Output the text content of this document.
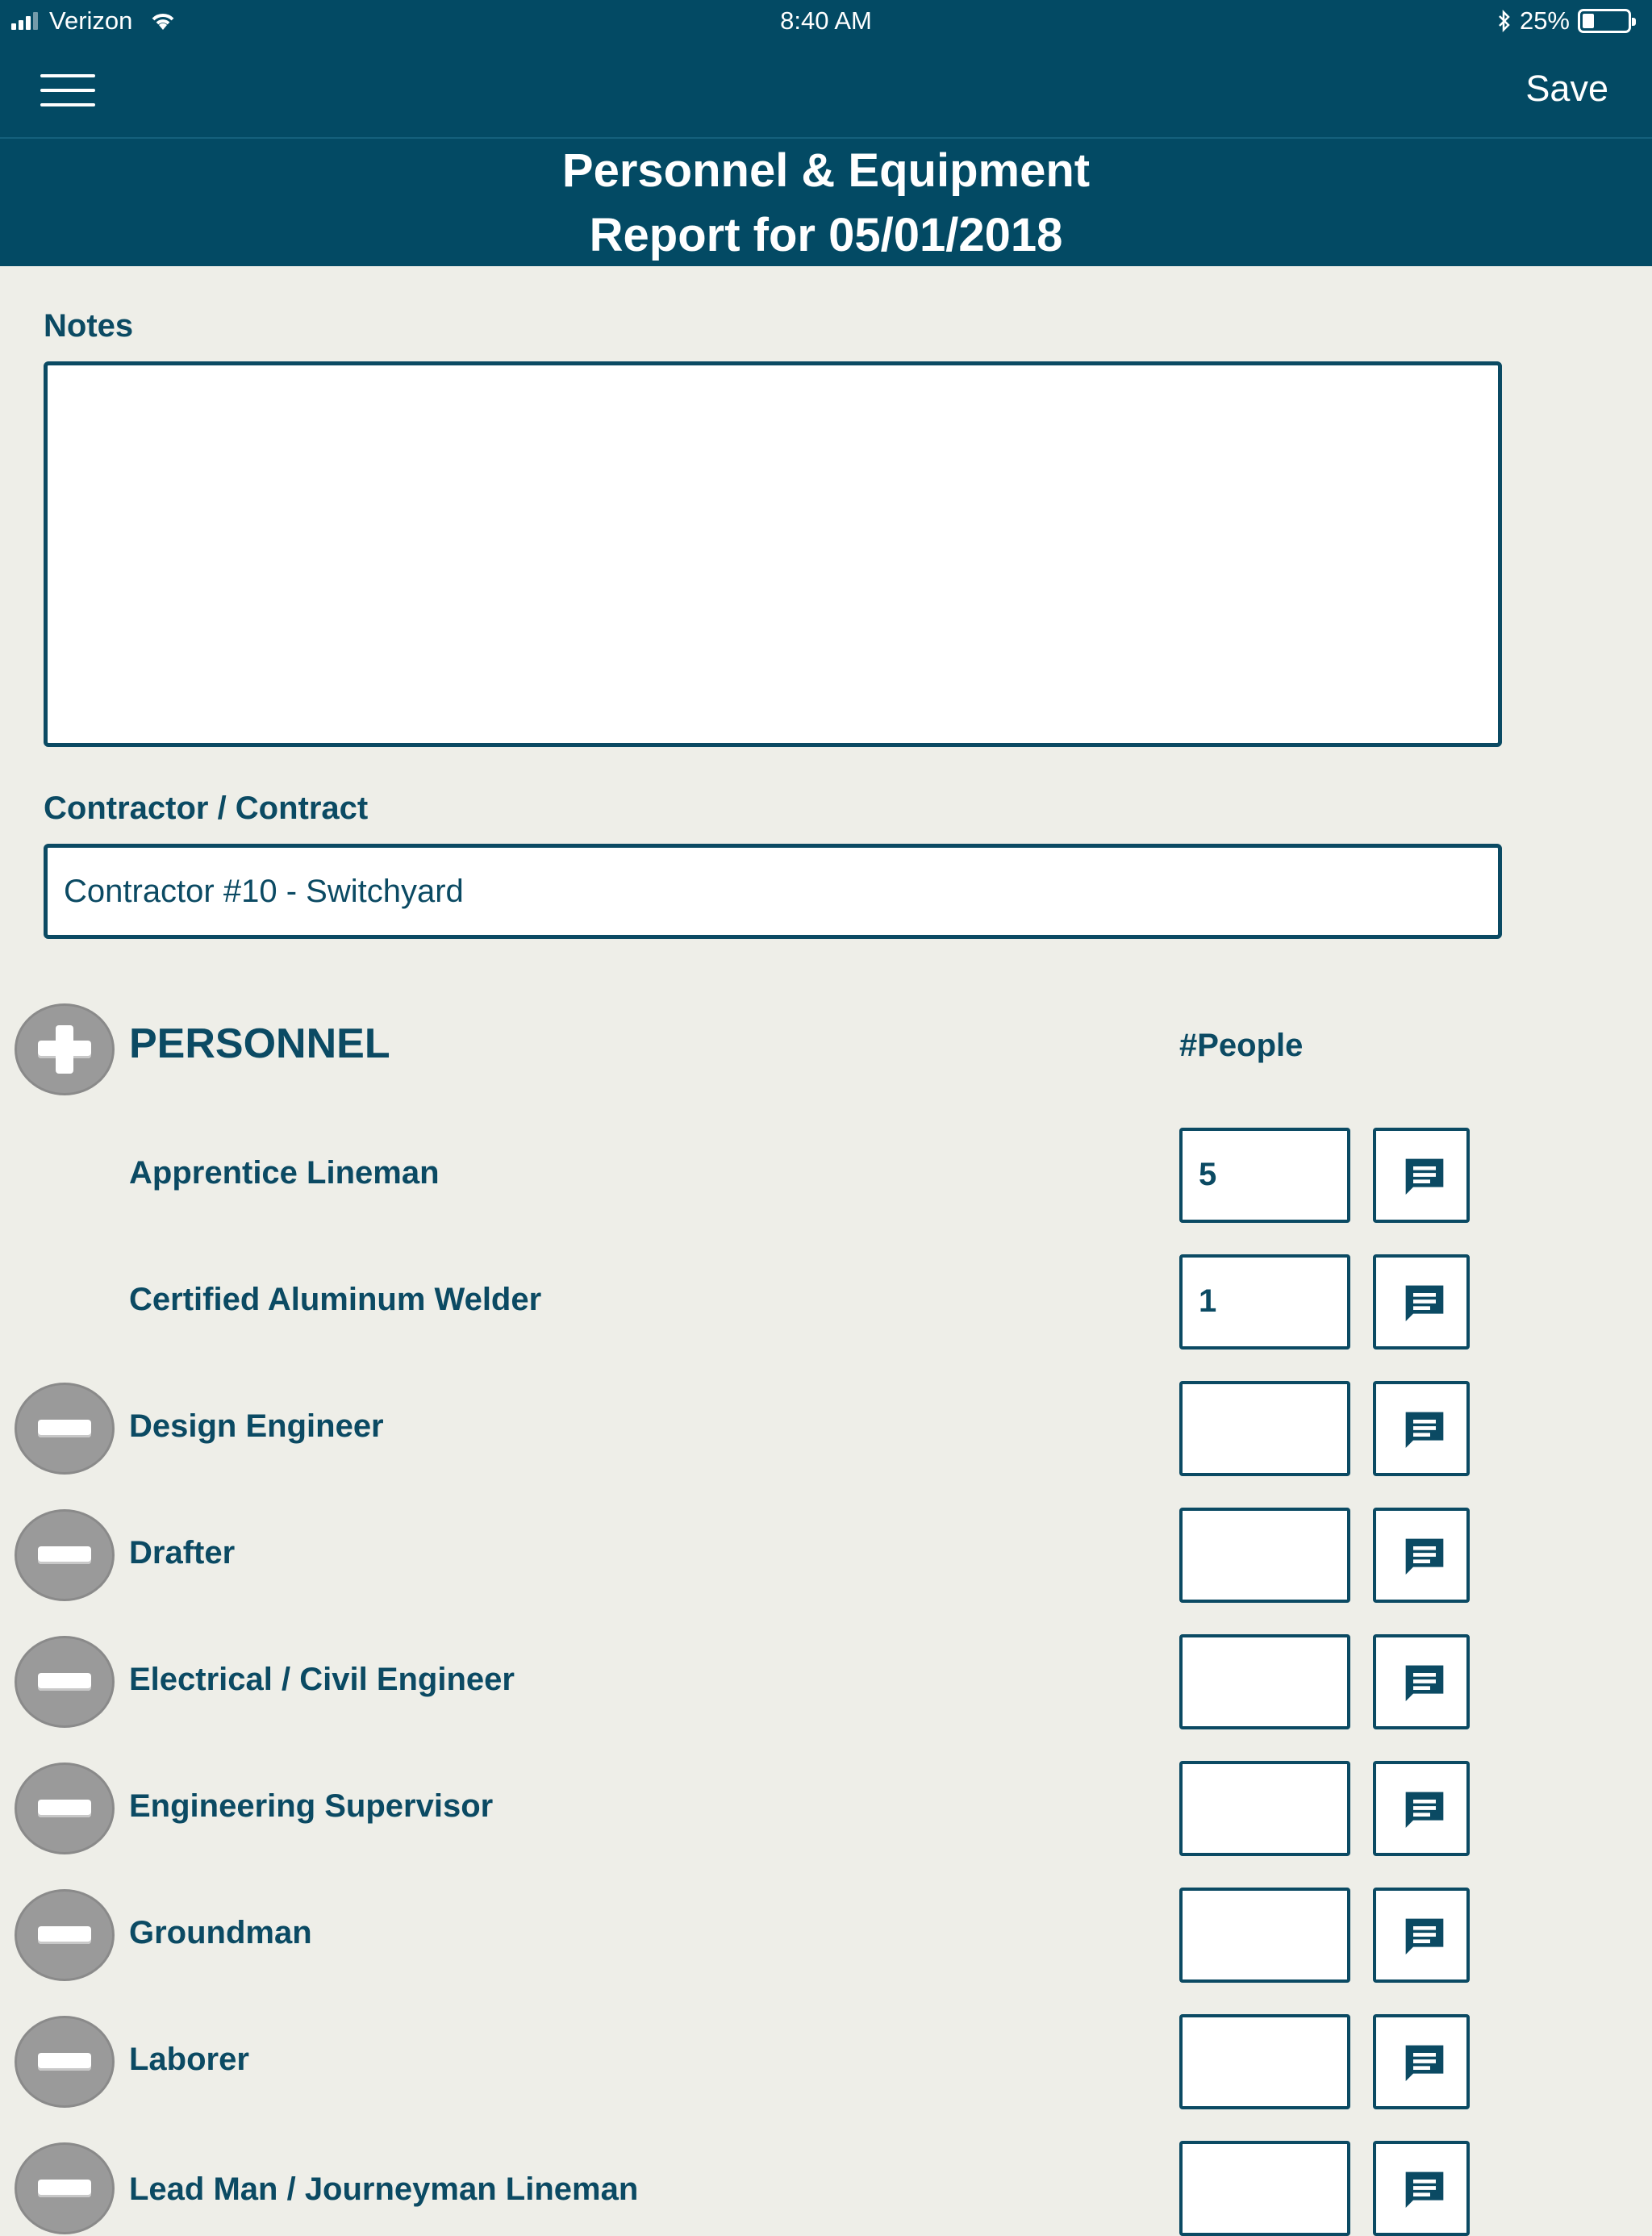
Verizon	8:40 AM	25%
Save
Personnel & Equipment
Report for 05/01/2018
Notes
Contractor / Contract
Contractor #10 - Switchyard
PERSONNEL	#People
Apprentice Lineman	5
Certified Aluminum Welder	1
Design Engineer
Drafter
Electrical / Civil Engineer
Engineering Supervisor
Groundman
Laborer
Lead Man / Journeyman Lineman
